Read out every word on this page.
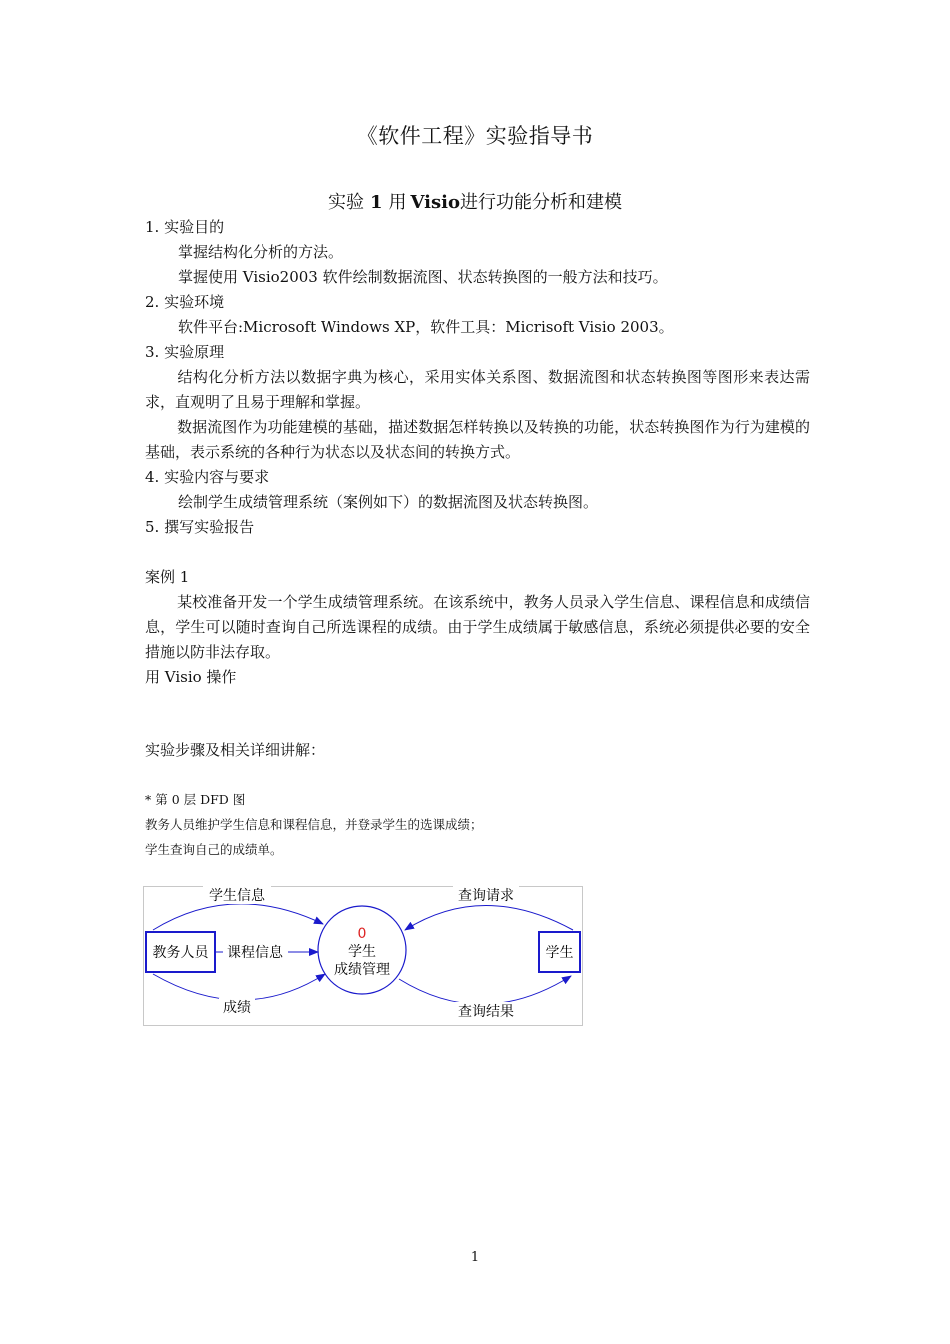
《软件工程》实验指导书
实验 1 用 Visio进行功能分析和建模
1. 实验目的
掌握结构化分析的方法。
掌握使用 Visio2003 软件绘制数据流图、状态转换图的一般方法和技巧。
2. 实验环境
软件平台:Microsoft Windows XP，软件工具：Micrisoft Visio 2003。
3. 实验原理
结构化分析方法以数据字典为核心，采用实体关系图、数据流图和状态转换图等图形来表达需求，直观明了且易于理解和掌握。
数据流图作为功能建模的基础，描述数据怎样转换以及转换的功能，状态转换图作为行为建模的基础，表示系统的各种行为状态以及状态间的转换方式。
4. 实验内容与要求
绘制学生成绩管理系统（案例如下）的数据流图及状态转换图。
5. 撰写实验报告
案例 1
某校准备开发一个学生成绩管理系统。在该系统中，教务人员录入学生信息、课程信息和成绩信息，学生可以随时查询自己所选课程的成绩。由于学生成绩属于敏感信息，系统必须提供必要的安全措施以防非法存取。
用 Visio 操作
实验步骤及相关详细讲解：
* 第 0 层 DFD 图
教务人员维护学生信息和课程信息，并登录学生的选课成绩；
学生查询自己的成绩单。
教务人员	学生
0
学生
成绩管理
学生信息
课程信息
成绩
查询请求
查询结果
1
